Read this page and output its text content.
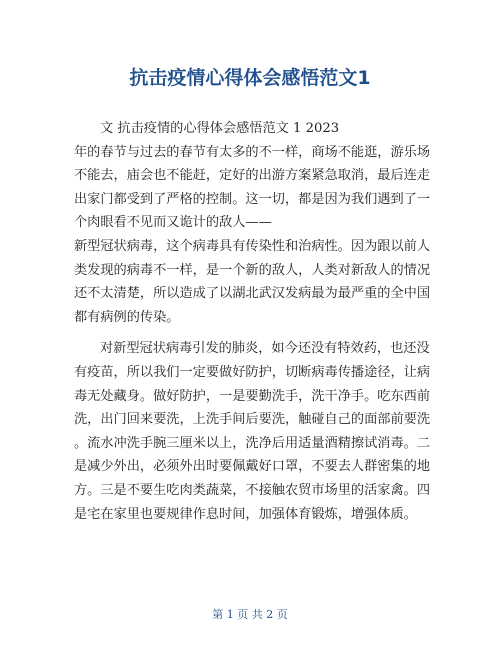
抗击疫情心得体会感悟范文1
文 抗击疫情的心得体会感悟范文 1 2023
年的春节与过去的春节有太多的不一样，商场不能逛，游乐场
不能去，庙会也不能赶，定好的出游方案紧急取消，最后连走
出家门都受到了严格的控制。这一切，都是因为我们遇到了一
个肉眼看不见而又诡计的敌人——
新型冠状病毒，这个病毒具有传染性和治病性。因为跟以前人
类发现的病毒不一样，是一个新的敌人，人类对新敌人的情况
还不太清楚，所以造成了以湖北武汉发病最为最严重的全中国
都有病例的传染。
对新型冠状病毒引发的肺炎，如今还没有特效药，也还没
有疫苗，所以我们一定要做好防护，切断病毒传播途径，让病
毒无处藏身。做好防护，一是要勤洗手，洗干净手。吃东西前
洗，出门回来要洗，上洗手间后要洗，触碰自己的面部前要洗
。流水冲洗手腕三厘米以上，洗净后用适量酒精擦试消毒。二
是减少外出，必须外出时要佩戴好口罩，不要去人群密集的地
方。三是不要生吃肉类蔬菜，不接触农贸市场里的活家禽。四
是宅在家里也要规律作息时间，加强体育锻炼，增强体质。
第 1 页 共 2 页
